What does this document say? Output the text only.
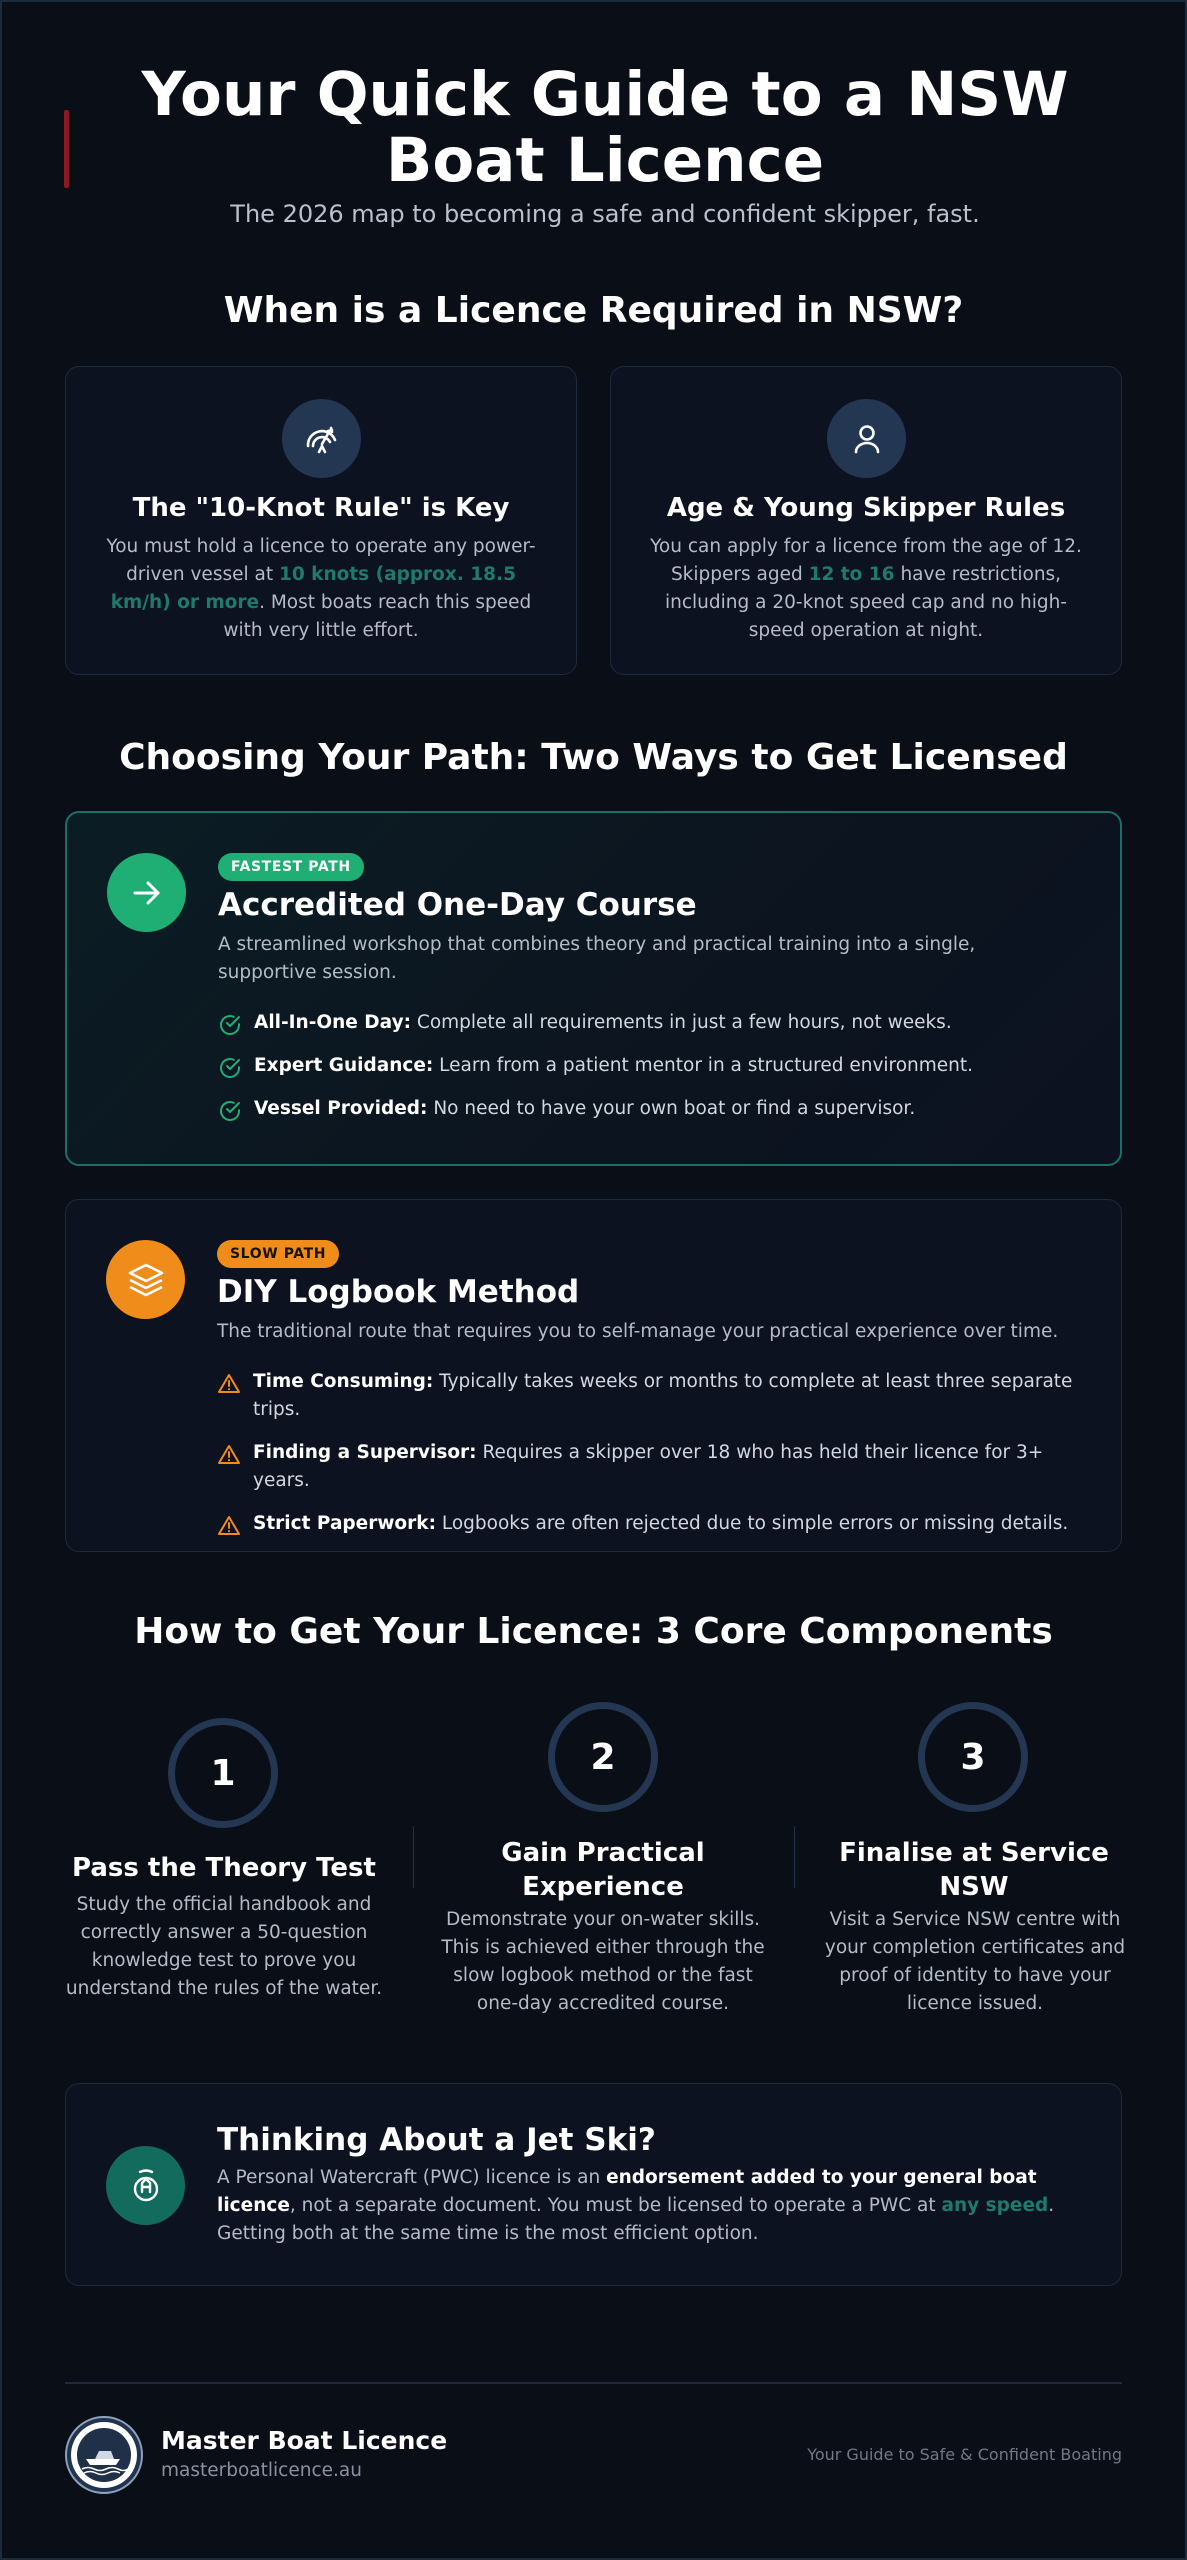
Your Quick Guide to a NSW Boat Licence

The 2026 map to becoming a safe and confident skipper, fast.

When is a Licence Required in NSW?
The "10-Knot Rule" is Key
You must hold a licence to operate any power-driven vessel at 10 knots (approx. 18.5 km/h) or more. Most boats reach this speed with very little effort.
Age & Young Skipper Rules
You can apply for a licence from the age of 12. Skippers aged 12 to 16 have restrictions, including a 20-knot speed cap and no high-speed operation at night.
Choosing Your Path: Two Ways to Get Licensed
FASTEST PATH
Accredited One-Day Course
A streamlined workshop that combines theory and practical training into a single, supportive session.
All-In-One Day: Complete all requirements in just a few hours, not weeks.
Expert Guidance: Learn from a patient mentor in a structured environment.
Vessel Provided: No need to have your own boat or find a supervisor.
SLOW PATH
DIY Logbook Method
The traditional route that requires you to self-manage your practical experience over time.
Time Consuming: Typically takes weeks or months to complete at least three separate trips.
Finding a Supervisor: Requires a skipper over 18 who has held their licence for 3+ years.
Strict Paperwork: Logbooks are often rejected due to simple errors or missing details.
How to Get Your Licence: 3 Core Components
1
Pass the Theory Test
Study the official handbook and correctly answer a 50-question knowledge test to prove you understand the rules of the water.
2
Gain Practical Experience
Demonstrate your on-water skills. This is achieved either through the slow logbook method or the fast one-day accredited course.
3
Finalise at Service NSW
Visit a Service NSW centre with your completion certificates and proof of identity to have your licence issued.
Thinking About a Jet Ski?
A Personal Watercraft (PWC) licence is an endorsement added to your general boat licence, not a separate document. You must be licensed to operate a PWC at any speed. Getting both at the same time is the most efficient option.
Master Boat Licence
masterboatlicence.au
Your Guide to Safe & Confident Boating
